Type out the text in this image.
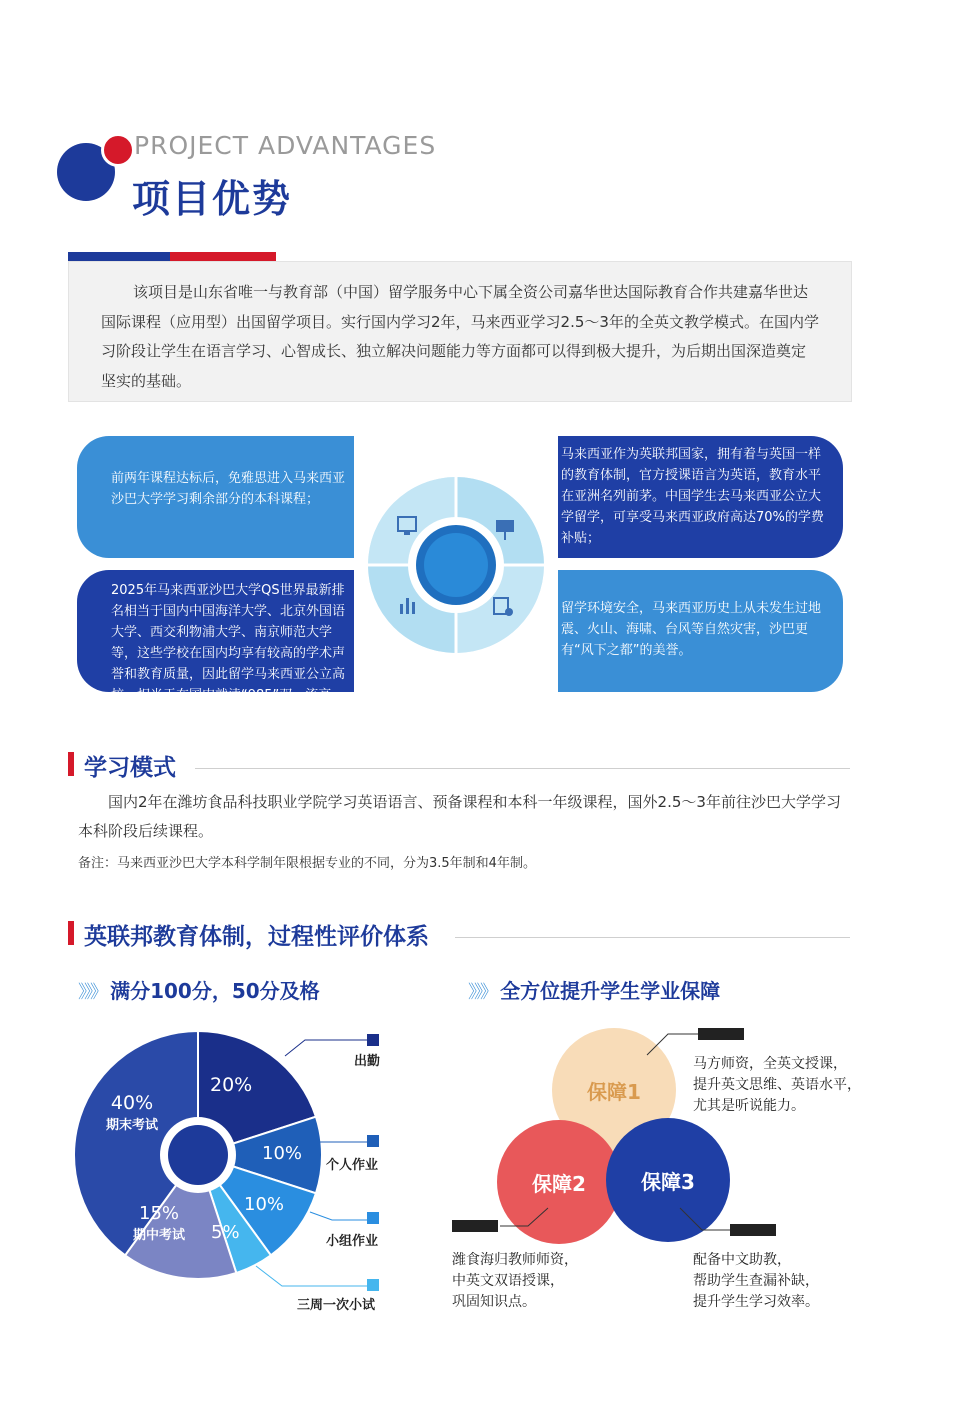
PROJECT ADVANTAGES
项目优势
该项目是山东省唯一与教育部（中国）留学服务中心下属全资公司嘉华世达国际教育合作共建嘉华世达国际课程（应用型）出国留学项目。实行国内学习2年，马来西亚学习2.5～3年的全英文教学模式。在国内学习阶段让学生在语言学习、心智成长、独立解决问题能力等方面都可以得到极大提升，为后期出国深造奠定坚实的基础。
前两年课程达标后，免雅思进入马来西亚沙巴大学学习剩余部分的本科课程；
马来西亚作为英联邦国家，拥有着与英国一样的教育体制，官方授课语言为英语，教育水平在亚洲名列前茅。中国学生去马来西亚公立大学留学，可享受马来西亚政府高达70%的学费补贴；
2025年马来西亚沙巴大学QS世界最新排名相当于国内中国海洋大学、北京外国语大学、西交利物浦大学、南京师范大学等，这些学校在国内均享有较高的学术声誉和教育质量，因此留学马来西亚公立高校，相当于在国内就读“985”双一流高校；
留学环境安全，马来西亚历史上从未发生过地震、火山、海啸、台风等自然灾害，沙巴更有“风下之都”的美誉。
01	02
03	04
学习模式
国内2年在潍坊食品科技职业学院学习英语语言、预备课程和本科一年级课程，国外2.5～3年前往沙巴大学学习本科阶段后续课程。
备注：马来西亚沙巴大学本科学制年限根据专业的不同，分为3.5年制和4年制。
英联邦教育体制，过程性评价体系
》》》 满分100分，50分及格	》》》 全方位提升学生学业保障
20%
10%
10%
5%
15%
期中考试
40%
期末考试
出勤
个人作业
小组作业
三周一次小试
保障1
保障2	保障3
马方师资，全英文授课，
提升英文思维、英语水平，
尤其是听说能力。
潍食海归教师师资，
中英文双语授课，
巩固知识点。
配备中文助教，
帮助学生查漏补缺，
提升学生学习效率。
